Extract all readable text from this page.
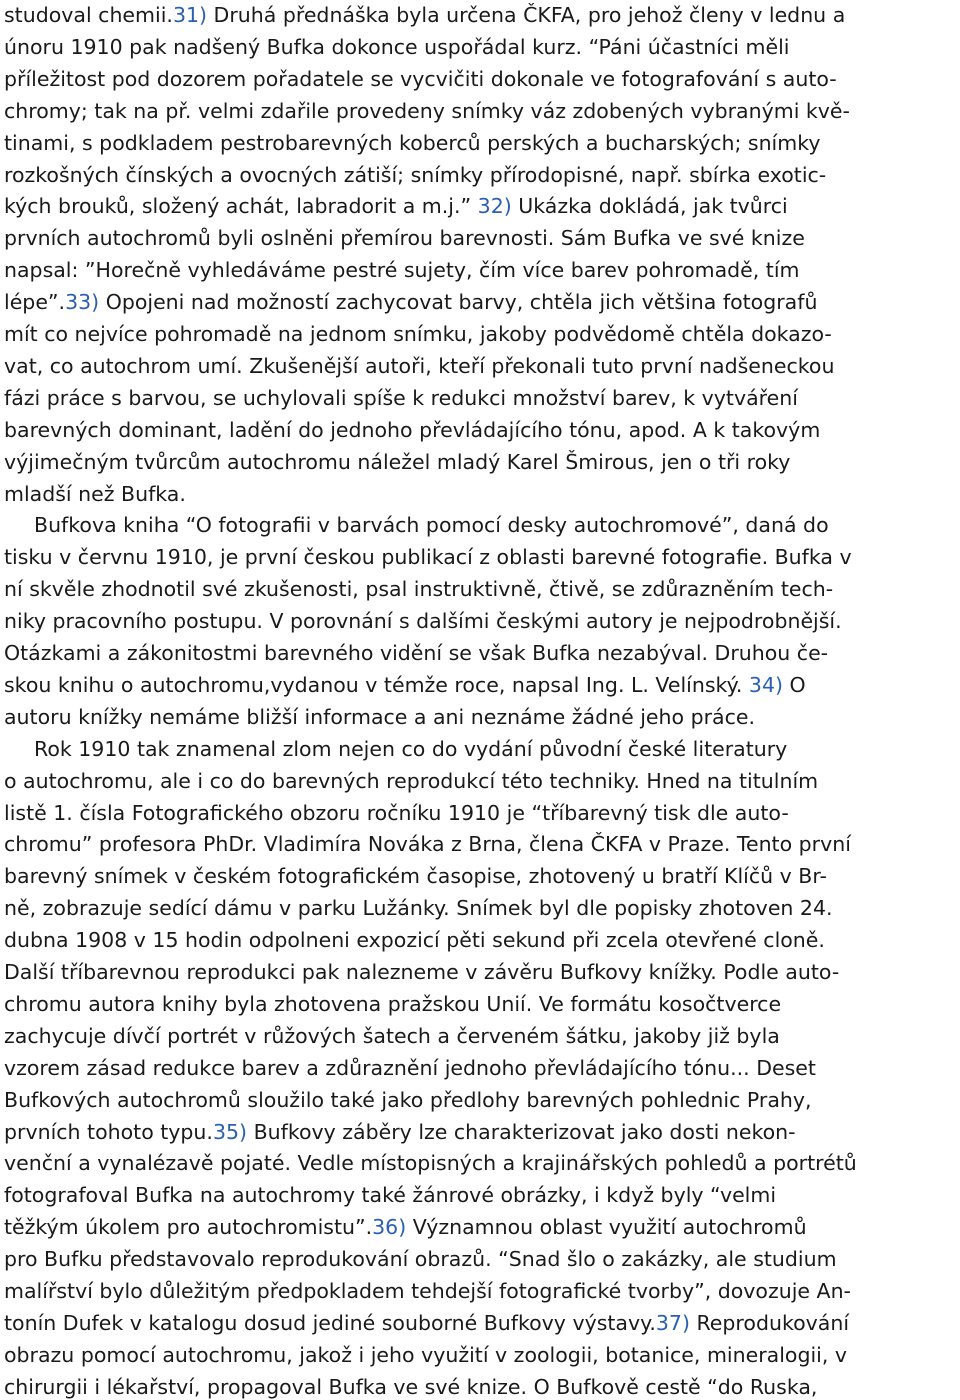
studoval chemii.31) Druhá přednáška byla určena ČKFA, pro jehož členy v lednu a
únoru 1910 pak nadšený Bufka dokonce uspořádal kurz. “Páni účastníci měli
příležitost pod dozorem pořadatele se vycvičiti dokonale ve fotografování s auto-
chromy; tak na př. velmi zdařile provedeny snímky váz zdobených vybranými kvě-
tinami, s podkladem pestrobarevných koberců perských a bucharských; snímky
rozkošných čínských a ovocných zátiší; snímky přírodopisné, např. sbírka exotic-
kých brouků, složený achát, labradorit a m.j.” 32) Ukázka dokládá, jak tvůrci
prvních autochromů byli oslněni přemírou barevnosti. Sám Bufka ve své knize
napsal: ”Horečně vyhledáváme pestré sujety, čím více barev pohromadě, tím
lépe”.33) Opojeni nad možností zachycovat barvy, chtěla jich většina fotografů
mít co nejvíce pohromadě na jednom snímku, jakoby podvědomě chtěla dokazo-
vat, co autochrom umí. Zkušenější autoři, kteří překonali tuto první nadšeneckou
fázi práce s barvou, se uchylovali spíše k redukci množství barev, k vytváření
barevných dominant, ladění do jednoho převládajícího tónu, apod. A k takovým
výjimečným tvůrcům autochromu náležel mladý Karel Šmirous, jen o tři roky
mladší než Bufka.
Bufkova kniha “O fotografii v barvách pomocí desky autochromové”, daná do
tisku v červnu 1910, je první českou publikací z oblasti barevné fotografie. Bufka v
ní skvěle zhodnotil své zkušenosti, psal instruktivně, čtivě, se zdůrazněním tech-
niky pracovního postupu. V porovnání s dalšími českými autory je nejpodrobnější.
Otázkami a zákonitostmi barevného vidění se však Bufka nezabýval. Druhou če-
skou knihu o autochromu,vydanou v témže roce, napsal Ing. L. Velínský. 34) O
autoru knížky nemáme bližší informace a ani neznáme žádné jeho práce.
Rok 1910 tak znamenal zlom nejen co do vydání původní české literatury
o autochromu, ale i co do barevných reprodukcí této techniky. Hned na titulním
listě 1. čísla Fotografického obzoru ročníku 1910 je “tříbarevný tisk dle auto-
chromu” profesora PhDr. Vladimíra Nováka z Brna, člena ČKFA v Praze. Tento první
barevný snímek v českém fotografickém časopise, zhotovený u bratří Klíčů v Br-
ně, zobrazuje sedící dámu v parku Lužánky. Snímek byl dle popisky zhotoven 24.
dubna 1908 v 15 hodin odpolneni expozicí pěti sekund při zcela otevřené cloně.
Další tříbarevnou reprodukci pak nalezneme v závěru Bufkovy knížky. Podle auto-
chromu autora knihy byla zhotovena pražskou Unií. Ve formátu kosočtverce
zachycuje dívčí portrét v růžových šatech a červeném šátku, jakoby již byla
vzorem zásad redukce barev a zdůraznění jednoho převládajícího tónu... Deset
Bufkových autochromů sloužilo také jako předlohy barevných pohlednic Prahy,
prvních tohoto typu.35) Bufkovy záběry lze charakterizovat jako dosti nekon-
venční a vynalézavě pojaté. Vedle místopisných a krajinářských pohledů a portrétů
fotografoval Bufka na autochromy také žánrové obrázky, i když byly “velmi
těžkým úkolem pro autochromistu”.36) Významnou oblast využití autochromů
pro Bufku představovalo reprodukování obrazů. “Snad šlo o zakázky, ale studium
malířství bylo důležitým předpokladem tehdejší fotografické tvorby”, dovozuje An-
tonín Dufek v katalogu dosud jediné souborné Bufkovy výstavy.37) Reprodukování
obrazu pomocí autochromu, jakož i jeho využití v zoologii, botanice, mineralogii, v
chirurgii i lékařství, propagoval Bufka ve své knize. O Bufkově cestě “do Ruska,
